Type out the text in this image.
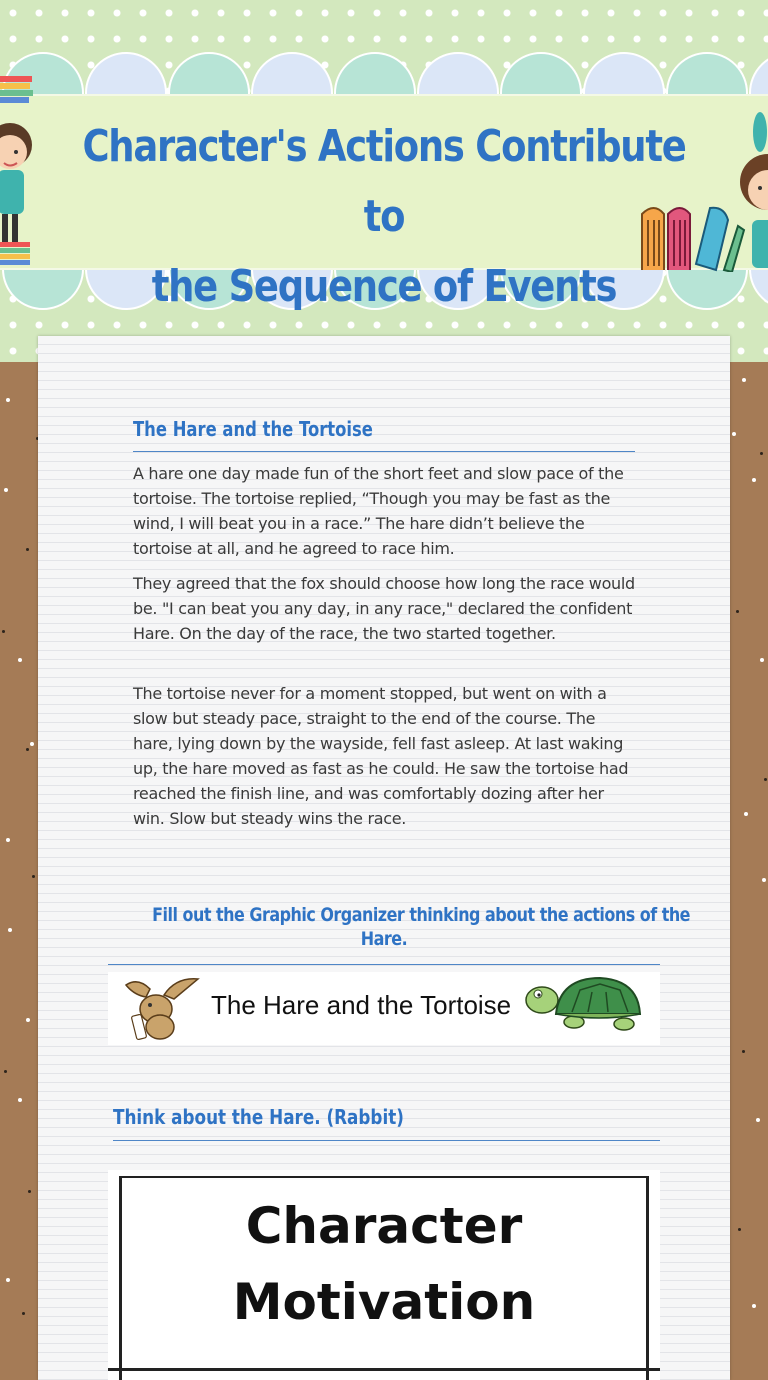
Character's Actions Contribute to
the Sequence of Events
The Hare and the Tortoise

A hare one day made fun of the short feet and slow pace of the tortoise. The tortoise replied, “Though you may be fast as the wind, I will beat you in a race.” The hare didn’t believe the tortoise at all, and he agreed to race him.

They agreed that the fox should choose how long the race would be. "I can beat you any day, in any race," declared the confident Hare. On the day of the race, the two started together.

The tortoise never for a moment stopped, but went on with a slow but steady pace, straight to the end of the course. The hare, lying down by the wayside, fell fast asleep. At last waking up, the hare moved as fast as he could. He saw the tortoise had reached the finish line, and was comfortably dozing after her win. Slow but steady wins the race.

Fill out the Graphic Organizer thinking about the actions of the
Hare.
The Hare and the Tortoise
Think about the Hare. (Rabbit)
Character
Motivation
